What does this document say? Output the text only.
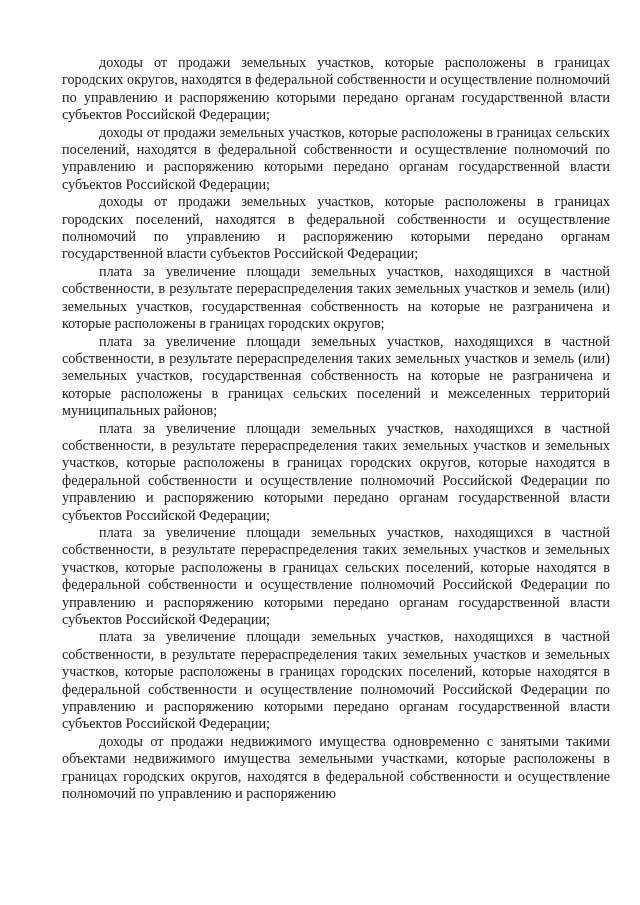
доходы от продажи земельных участков, которые расположены в границах городских округов, находятся в федеральной собственности и осуществление полномочий по управлению и распоряжению которыми передано органам государственной власти субъектов Российской Федерации;

доходы от продажи земельных участков, которые расположены в границах сельских поселений, находятся в федеральной собственности и осуществление полномочий по управлению и распоряжению которыми передано органам государственной власти субъектов Российской Федерации;

доходы от продажи земельных участков, которые расположены в границах городских поселений, находятся в федеральной собственности и осуществление полномочий по управлению и распоряжению которыми передано органам государственной власти субъектов Российской Федерации;

плата за увеличение площади земельных участков, находящихся в частной собственности, в результате перераспределения таких земельных участков и земель (или) земельных участков, государственная собственность на которые не разграничена и которые расположены в границах городских округов;

плата за увеличение площади земельных участков, находящихся в частной собственности, в результате перераспределения таких земельных участков и земель (или) земельных участков, государственная собственность на которые не разграничена и которые расположены в границах сельских поселений и межселенных территорий муниципальных районов;

плата за увеличение площади земельных участков, находящихся в частной собственности, в результате перераспределения таких земельных участков и земельных участков, которые расположены в границах городских округов, которые находятся в федеральной собственности и осуществление полномочий Российской Федерации по управлению и распоряжению которыми передано органам государственной власти субъектов Российской Федерации;

плата за увеличение площади земельных участков, находящихся в частной собственности, в результате перераспределения таких земельных участков и земельных участков, которые расположены в границах сельских поселений, которые находятся в федеральной собственности и осуществление полномочий Российской Федерации по управлению и распоряжению которыми передано органам государственной власти субъектов Российской Федерации;

плата за увеличение площади земельных участков, находящихся в частной собственности, в результате перераспределения таких земельных участков и земельных участков, которые расположены в границах городских поселений, которые находятся в федеральной собственности и осуществление полномочий Российской Федерации по управлению и распоряжению которыми передано органам государственной власти субъектов Российской Федерации;

доходы от продажи недвижимого имущества одновременно с занятыми такими объектами недвижимого имущества земельными участками, которые расположены в границах городских округов, находятся в федеральной собственности и осуществление полномочий по управлению и распоряжению
